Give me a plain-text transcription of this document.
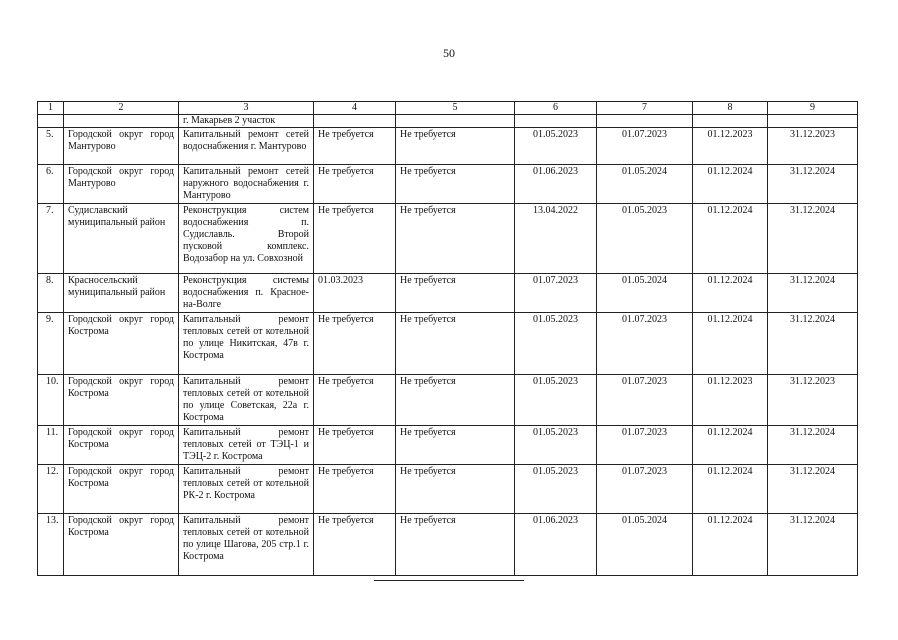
50
1	2	3	4	5	6	7	8	9
		г. Макарьев 2 участок						
5.	Городской округ город Мантурово	Капитальный ремонт сетей водоснабжения г. Мантурово	Не требуется	Не требуется	01.05.2023	01.07.2023	01.12.2023	31.12.2023
6.	Городской округ город Мантурово	Капитальный ремонт сетей наружного водоснабжения г. Мантурово	Не требуется	Не требуется	01.06.2023	01.05.2024	01.12.2024	31.12.2024
7.	Судиславский муниципальный район	Реконструкция систем водоснабжения п. Судиславль. Второй пусковой комплекс. Водозабор на ул. Совхозной	Не требуется	Не требуется	13.04.2022	01.05.2023	01.12.2024	31.12.2024
8.	Красносельский муниципальный район	Реконструкция системы водоснабжения п. Красное-на-Волге	01.03.2023	Не требуется	01.07.2023	01.05.2024	01.12.2024	31.12.2024
9.	Городской округ город Кострома	Капитальный ремонт тепловых сетей от котельной по улице Никитская, 47в г. Кострома	Не требуется	Не требуется	01.05.2023	01.07.2023	01.12.2024	31.12.2024
10.	Городской округ город Кострома	Капитальный ремонт тепловых сетей от котельной по улице Советская, 22а г. Кострома	Не требуется	Не требуется	01.05.2023	01.07.2023	01.12.2023	31.12.2023
11.	Городской округ город Кострома	Капитальный ремонт тепловых сетей от ТЭЦ-1 и ТЭЦ-2 г. Кострома	Не требуется	Не требуется	01.05.2023	01.07.2023	01.12.2024	31.12.2024
12.	Городской округ город Кострома	Капитальный ремонт тепловых сетей от котельной РК-2 г. Кострома	Не требуется	Не требуется	01.05.2023	01.07.2023	01.12.2024	31.12.2024
13.	Городской округ город Кострома	Капитальный ремонт тепловых сетей от котельной по улице Шагова, 205 стр.1 г. Кострома	Не требуется	Не требуется	01.06.2023	01.05.2024	01.12.2024	31.12.2024
